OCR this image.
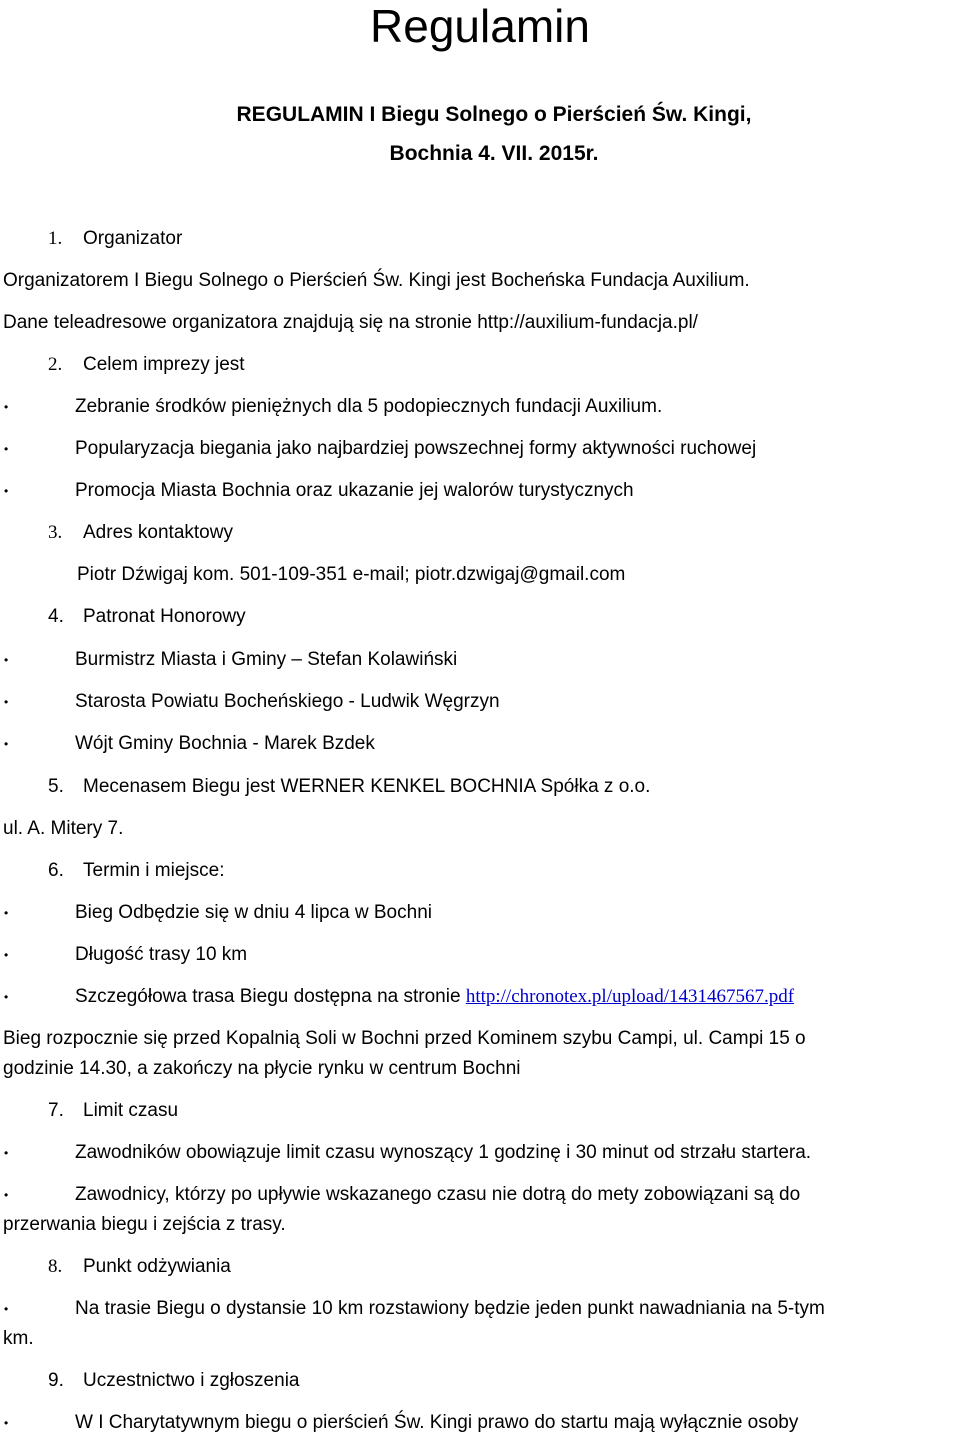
Regulamin
REGULAMIN I Biegu Solnego o Pierścień Św. Kingi,
Bochnia 4. VII. 2015r.
1. Organizator
Organizatorem I Biegu Solnego o Pierścień Św. Kingi jest Bocheńska Fundacja Auxilium.
Dane teleadresowe organizatora znajdują się na stronie http://auxilium-fundacja.pl/
2. Celem imprezy jest
•	Zebranie środków pieniężnych dla 5 podopiecznych fundacji Auxilium.
•	Popularyzacja biegania jako najbardziej powszechnej formy aktywności ruchowej
•	Promocja Miasta Bochnia oraz ukazanie jej walorów turystycznych
3. Adres kontaktowy
Piotr Dźwigaj kom. 501-109-351 e-mail; piotr.dzwigaj@gmail.com
4. Patronat Honorowy
•	Burmistrz Miasta i Gminy – Stefan Kolawiński
•	Starosta Powiatu Bocheńskiego - Ludwik Węgrzyn
•	Wójt Gminy Bochnia - Marek Bzdek
5. Mecenasem Biegu jest WERNER KENKEL BOCHNIA Spółka z o.o.
ul. A. Mitery 7.
6. Termin i miejsce:
•	Bieg Odbędzie się w dniu 4 lipca w Bochni
•	Długość trasy 10 km
•	Szczegółowa trasa Biegu dostępna na stronie http://chronotex.pl/upload/1431467567.pdf
Bieg rozpocznie się przed Kopalnią Soli w Bochni przed Kominem szybu Campi, ul. Campi 15 o
godzinie 14.30, a zakończy na płycie rynku w centrum Bochni
7. Limit czasu
•	Zawodników obowiązuje limit czasu wynoszący 1 godzinę i 30 minut od strzału startera.
•	Zawodnicy, którzy po upływie wskazanego czasu nie dotrą do mety zobowiązani są do
przerwania biegu i zejścia z trasy.
8. Punkt odżywiania
•	Na trasie Biegu o dystansie 10 km rozstawiony będzie jeden punkt nawadniania na 5-tym
km.
9. Uczestnictwo i zgłoszenia
•	W I Charytatywnym biegu o pierścień Św. Kingi prawo do startu mają wyłącznie osoby
